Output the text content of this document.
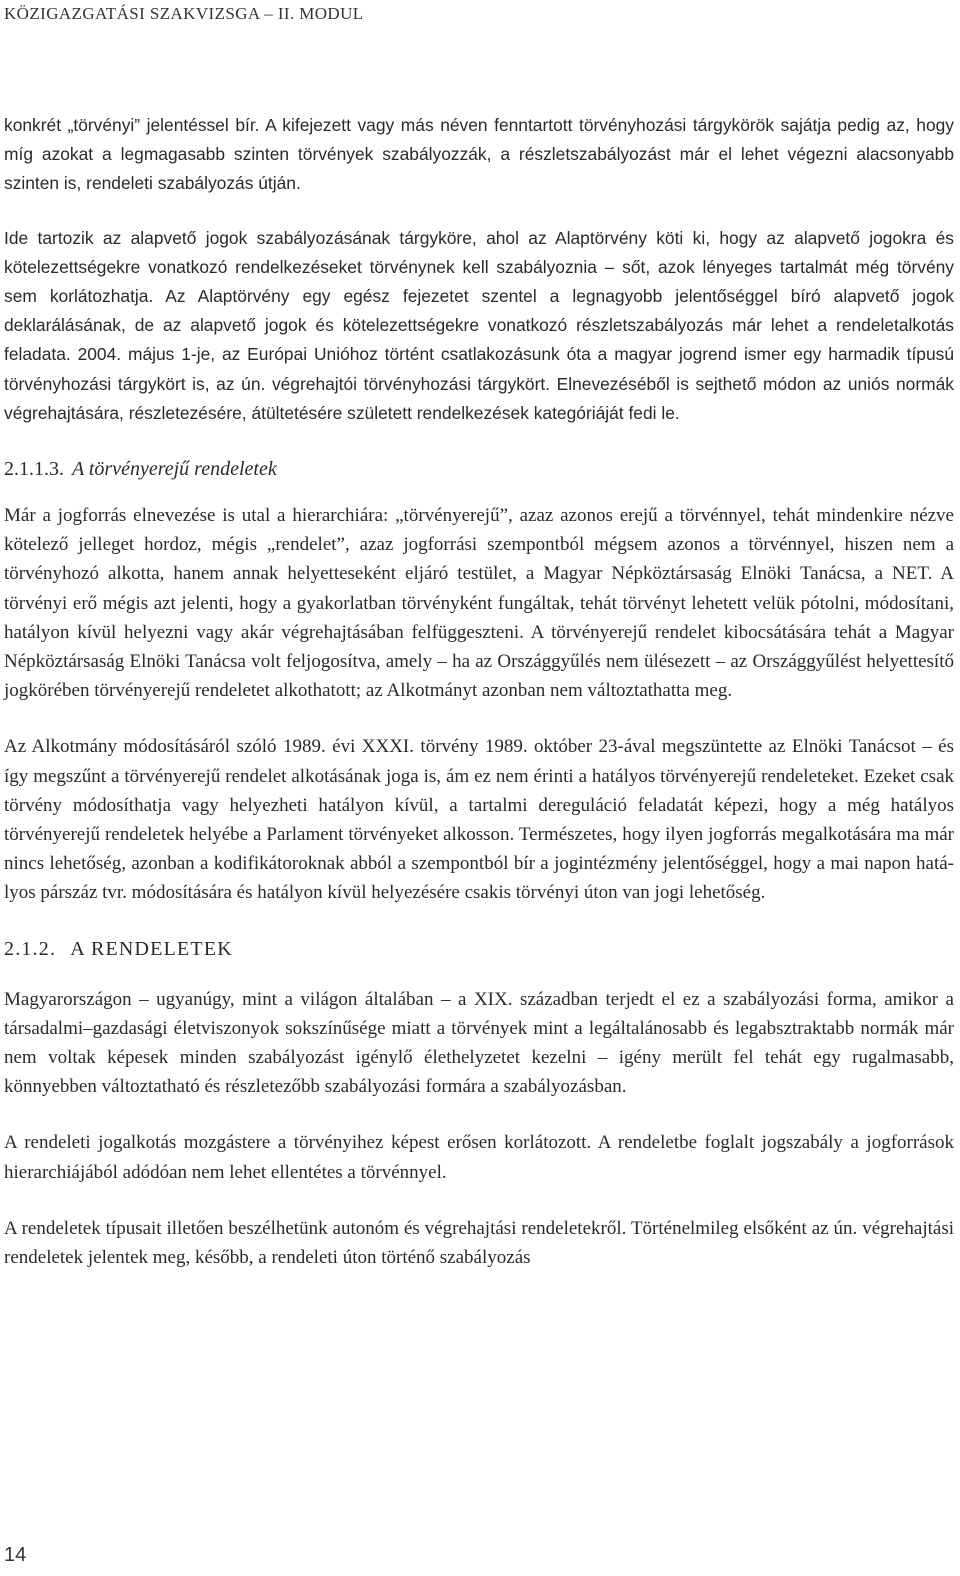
KÖZIGAZGATÁSI SZAKVIZSGA – II. MODUL

konkrét „törvényi” jelentéssel bír. A kifejezett vagy más néven fenntartott törvényhozási tárgykörök sajátja pedig az, hogy míg azokat a legmagasabb szinten törvények szabályozzák, a részletszabályozást már el lehet végezni alacsonyabb szinten is, rendeleti szabályozás útján.

Ide tartozik az alapvető jogok szabályozásának tárgyköre, ahol az Alaptörvény köti ki, hogy az alapvető jogokra és kötelezettségekre vonatkozó rendelkezéseket törvénynek kell szabályoznia – sőt, azok lényeges tartalmát még törvény sem korlátozhatja. Az Alaptörvény egy egész fejezetet szentel a legnagyobb jelentőséggel bíró alapvető jogok deklarálásának, de az alapvető jogok és kötelezettségekre vonatkozó részletszabályozás már lehet a rendeletalkotás feladata. 2004. május 1-je, az Európai Unióhoz történt csatlakozásunk óta a magyar jogrend ismer egy harmadik típusú törvényhozási tárgykört is, az ún. végrehajtói törvényhozási tárgykört. Elnevezéséből is sejthető módon az uniós normák végrehajtására, részletezésére, átültetésére született rendelkezések kategóriáját fedi le.

2.1.1.3. A törvényerejű rendeletek

Már a jogforrás elnevezése is utal a hierarchiára: „törvényerejű”, azaz azonos erejű a törvénnyel, tehát mindenkire nézve kötelező jelleget hordoz, mégis „rendelet”, azaz jogforrási szempontból mégsem azonos a törvénnyel, hiszen nem a törvényhozó alkotta, hanem annak helyetteseként eljáró testület, a Magyar Népköztársaság Elnöki Tanácsa, a NET. A törvényi erő mégis azt jelenti, hogy a gyakorlatban törvényként fungáltak, tehát törvényt lehetett velük pótolni, módosítani, hatályon kívül helyezni vagy akár végrehajtásában felfüggeszteni. A törvényerejű rendelet kibocsátására tehát a Magyar Népköztársaság Elnöki Tanácsa volt feljogosítva, amely – ha az Országgyűlés nem ülésezett – az Országgyűlést helyettesítő jogkörében törvényerejű rendeletet alkothatott; az Alkotmányt azonban nem változtathatta meg.

Az Alkotmány módosításáról szóló 1989. évi XXXI. törvény 1989. október 23-ával megszüntette az Elnöki Tanácsot – és így megszűnt a törvényerejű rendelet alkotásának joga is, ám ez nem érinti a hatályos törvényerejű rendeleteket. Ezeket csak törvény módosíthatja vagy helyezheti hatályon kívül, a tartalmi dereguláció feladatát képezi, hogy a még hatályos törvényerejű rendeletek helyébe a Parlament törvényeket alkosson. Természetes, hogy ilyen jogforrás megalkotására ma már nincs lehetőség, azonban a kodifikátoroknak abból a szempontból bír a jogintézmény jelentőséggel, hogy a mai napon hatályos párszáz tvr. módosítására és hatályon kívül helyezésére csakis törvényi úton van jogi lehetőség.

2.1.2. A RENDELETEK

Magyarországon – ugyanúgy, mint a világon általában – a XIX. században terjedt el ez a szabályozási forma, amikor a társadalmi–gazdasági életviszonyok sokszínűsége miatt a törvények mint a legáltalánosabb és legabsztraktabb normák már nem voltak képesek minden szabályozást igénylő élethelyzetet kezelni – igény merült fel tehát egy rugalmasabb, könnyebben változtatható és részletezőbb szabályozási formára a szabályozásban.

A rendeleti jogalkotás mozgástere a törvényihez képest erősen korlátozott. A rendeletbe foglalt jogszabály a jogforrások hierarchiájából adódóan nem lehet ellentétes a törvénnyel.

A rendeletek típusait illetően beszélhetünk autonóm és végrehajtási rendeletekről. Történelmileg elsőként az ún. végrehajtási rendeletek jelentek meg, később, a rendeleti úton történő szabályozás

14
